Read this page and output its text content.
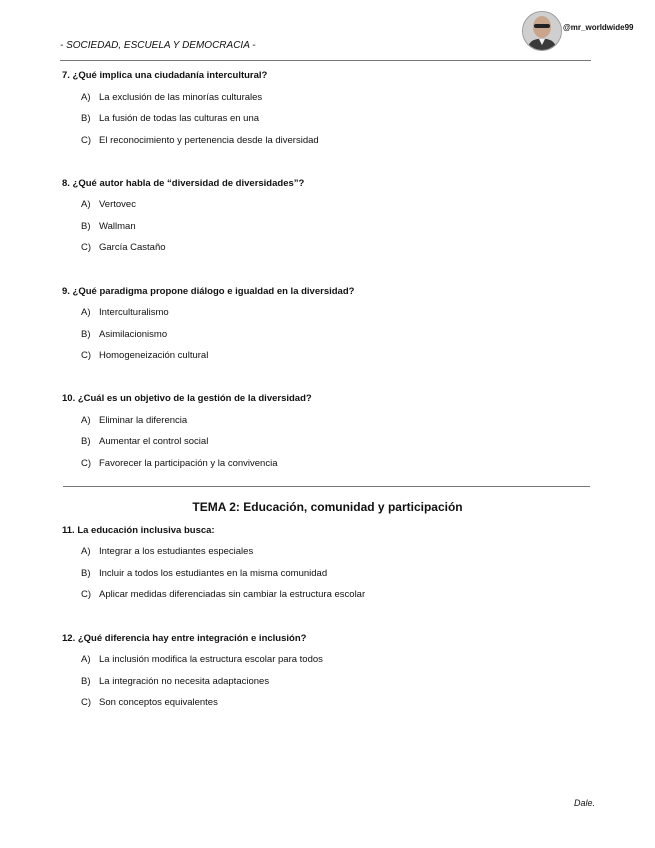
- SOCIEDAD, ESCUELA Y DEMOCRACIA -
@mr_worldwide99
7. ¿Qué implica una ciudadanía intercultural?
A) La exclusión de las minorías culturales
B) La fusión de todas las culturas en una
C) El reconocimiento y pertenencia desde la diversidad
8. ¿Qué autor habla de “diversidad de diversidades”?
A) Vertovec
B) Wallman
C) García Castaño
9. ¿Qué paradigma propone diálogo e igualdad en la diversidad?
A) Interculturalismo
B) Asimilacionismo
C) Homogeneización cultural
10. ¿Cuál es un objetivo de la gestión de la diversidad?
A) Eliminar la diferencia
B) Aumentar el control social
C) Favorecer la participación y la convivencia
TEMA 2: Educación, comunidad y participación
11. La educación inclusiva busca:
A) Integrar a los estudiantes especiales
B) Incluir a todos los estudiantes en la misma comunidad
C) Aplicar medidas diferenciadas sin cambiar la estructura escolar
12. ¿Qué diferencia hay entre integración e inclusión?
A) La inclusión modifica la estructura escolar para todos
B) La integración no necesita adaptaciones
C) Son conceptos equivalentes
Dale.
